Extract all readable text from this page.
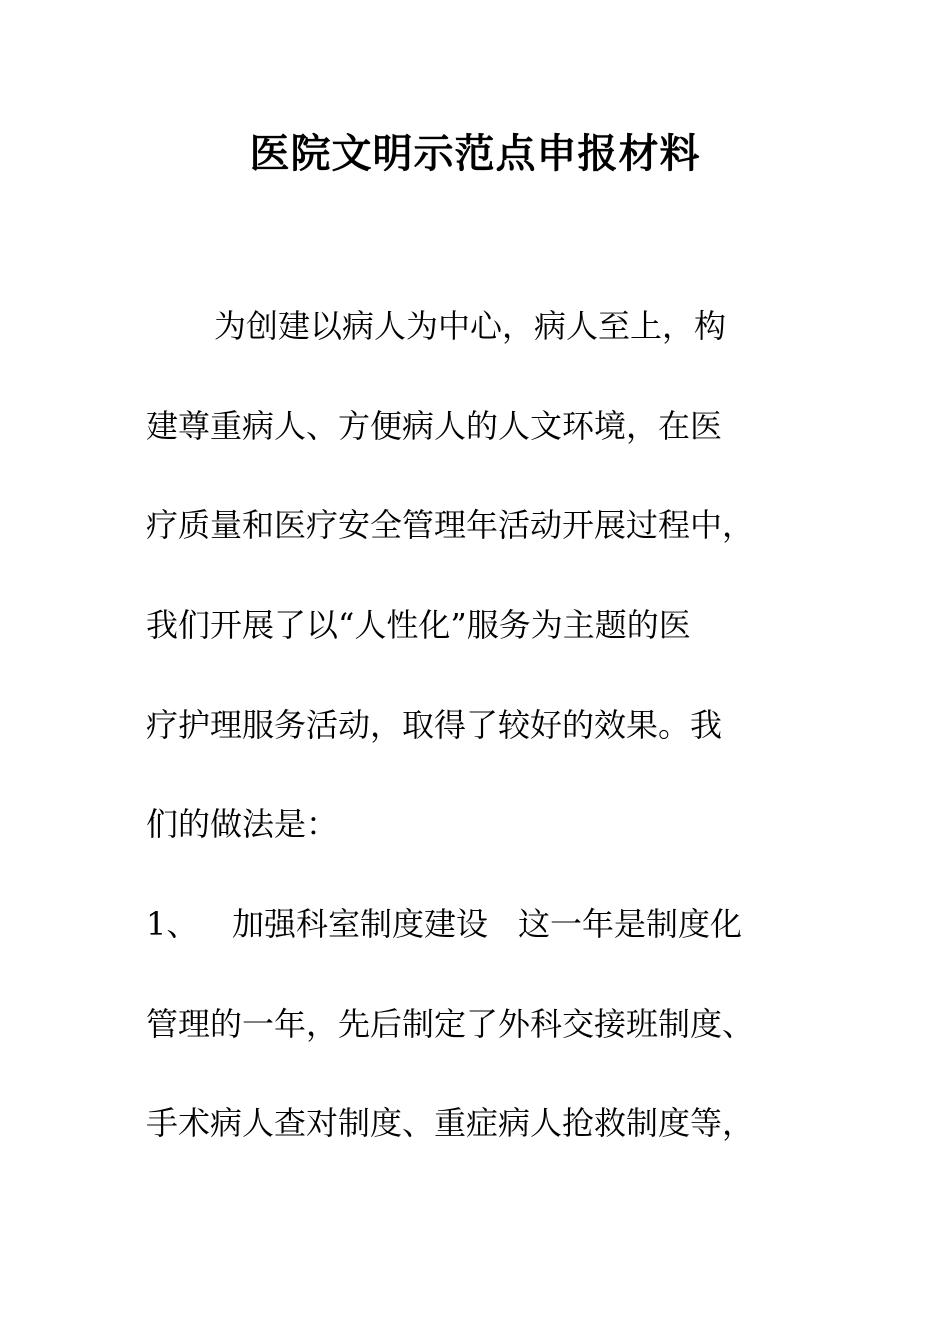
医院文明示范点申报材料
为创建以病人为中心，病人至上，构
建尊重病人、方便病人的人文环境，在医
疗质量和医疗安全管理年活动开展过程中，
我们开展了以“人性化”服务为主题的医
疗护理服务活动，取得了较好的效果。我
们的做法是：
1、 加强科室制度建设 这一年是制度化
管理的一年，先后制定了外科交接班制度、
手术病人查对制度、重症病人抢救制度等，
